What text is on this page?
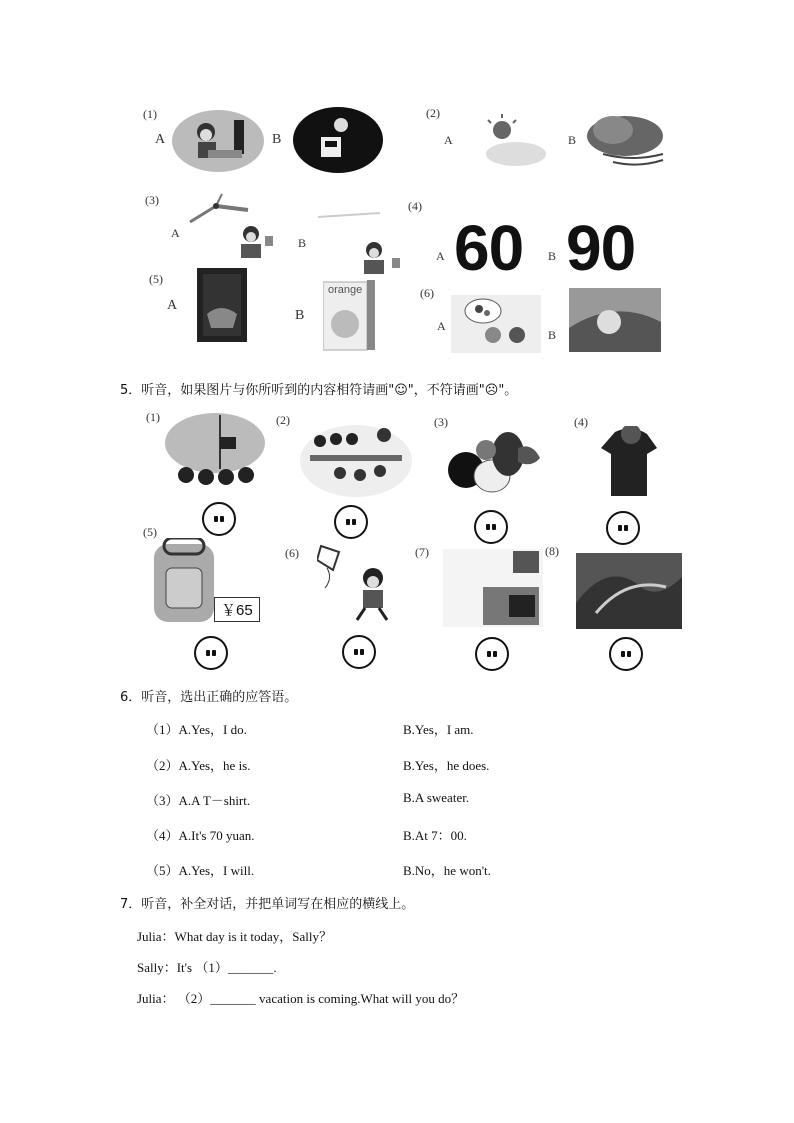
(1)
A	B
(2)
A	B
(3)
A
B
(4)
A 60 B 90
(5)
A
B
orange	(6)
A
B
5．听音，如果图片与你所听到的内容相符请画"☺"，不符请画"☹"。
(1)	(2)	(3)	(4)
(5)
￥65
(6)	(7)	(8)
6．听音，选出正确的应答语。
（1）A.Yes，I do.	B.Yes，I am.
（2）A.Yes，he is.	B.Yes，he does.
（3）A.A T－shirt.	B.A sweater.
（4）A.It's 70 yuan.	B.At 7：00.
（5）A.Yes，I will.	B.No，he won't.
7．听音，补全对话，并把单词写在相应的横线上。
Julia：What day is it today，Sally？
Sally：It's （1）_______.
Julia： （2）_______ vacation is coming.What will you do？
